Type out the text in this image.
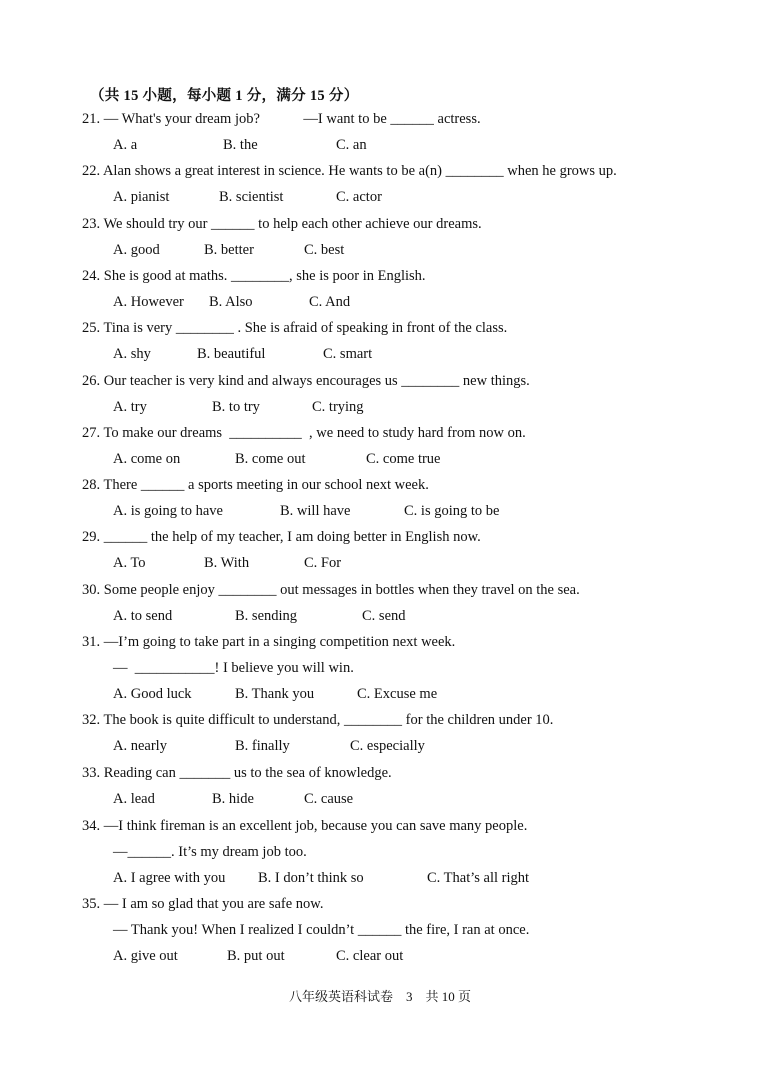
（共 15 小题，每小题 1 分，满分 15 分）
21. — What's your dream job?            —I want to be ______ actress.
A. a	B. the	C. an
22. Alan shows a great interest in science. He wants to be a(n) ________ when he grows up.
A. pianist	B. scientist	C. actor
23. We should try our ______ to help each other achieve our dreams.
A. good	B. better	C. best
24. She is good at maths. ________, she is poor in English.
A. However B. Also	C. And
25. Tina is very ________ . She is afraid of speaking in front of the class.
A. shy	B. beautiful	C. smart
26. Our teacher is very kind and always encourages us ________ new things.
A. try	B. to try	C. trying
27. To make our dreams  __________  , we need to study hard from now on.
A. come on	B. come out	C. come true
28. There ______ a sports meeting in our school next week.
A. is going to have	B. will have	C. is going to be
29. ______ the help of my teacher, I am doing better in English now.
A. To	B. With	C. For
30. Some people enjoy ________ out messages in bottles when they travel on the sea.
A. to send	B. sending	C. send
31. —I’m going to take part in a singing competition next week.
—  ___________! I believe you will win.
A. Good luck	B. Thank you	C. Excuse me
32. The book is quite difficult to understand, ________ for the children under 10.
A. nearly	B. finally	C. especially
33. Reading can _______ us to the sea of knowledge.
A. lead	B. hide	C. cause
34. —I think fireman is an excellent job, because you can save many people.
—______. It’s my dream job too.
A. I agree with you B. I don’t think so	C. That’s all right
35. — I am so glad that you are safe now.
— Thank you! When I realized I couldn’t ______ the fire, I ran at once.
A. give out	B. put out	C. clear out
八年级英语科试卷    3    共 10 页
